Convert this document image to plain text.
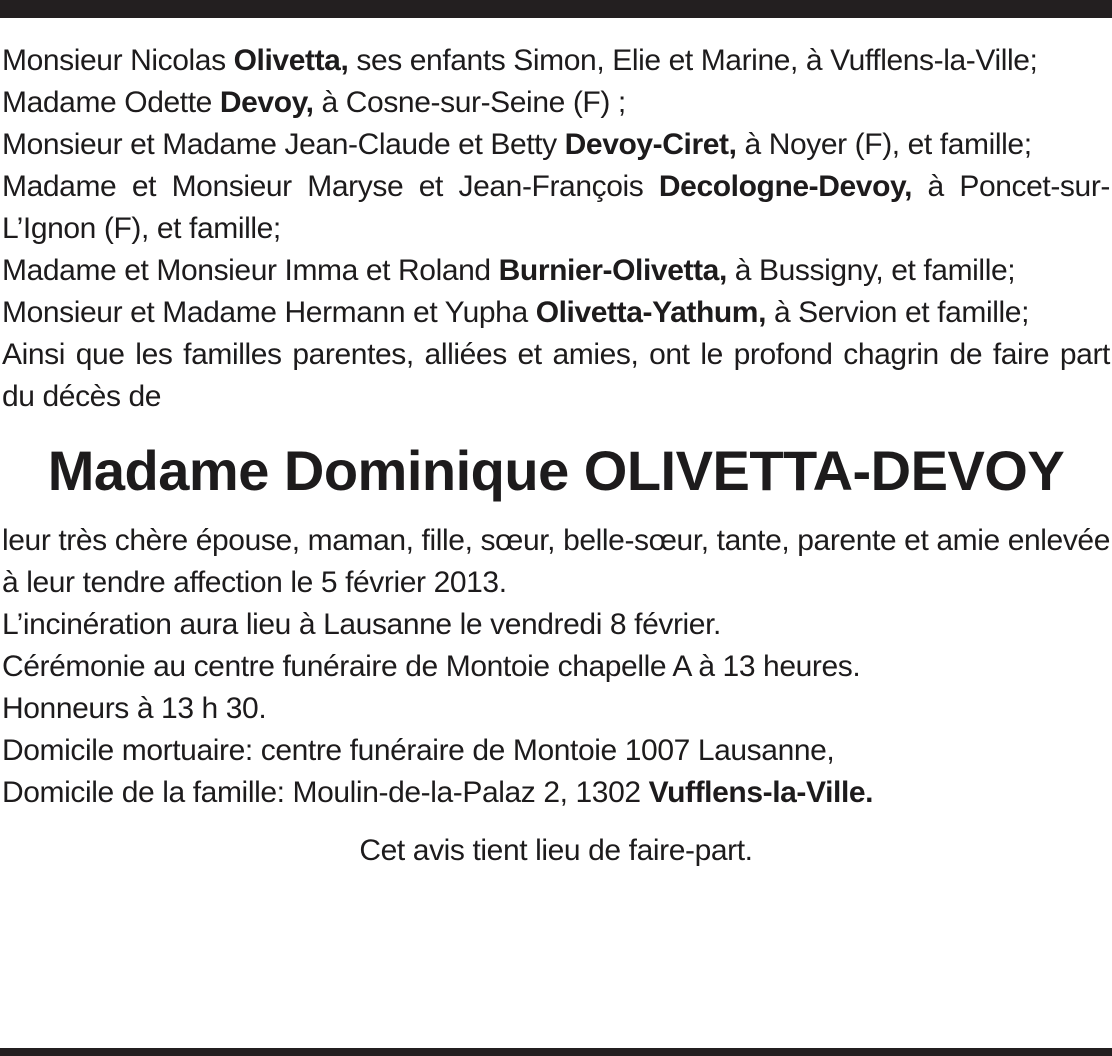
Monsieur Nicolas Olivetta, ses enfants Simon, Elie et Marine, à Vufflens-la-Ville;

Madame Odette Devoy, à Cosne-sur-Seine (F) ;

Monsieur et Madame Jean-Claude et Betty Devoy-Ciret, à Noyer (F), et famille;

Madame et Monsieur Maryse et Jean-François Decologne-Devoy, à Poncet-sur-L’Ignon (F), et famille;

Madame et Monsieur Imma et Roland Burnier-Olivetta, à Bussigny, et famille;

Monsieur et Madame Hermann et Yupha Olivetta-Yathum, à Servion et famille;

Ainsi que les familles parentes, alliées et amies, ont le profond chagrin de faire part du décès de

Madame Dominique OLIVETTA-DEVOY

leur très chère épouse, maman, fille, sœur, belle-sœur, tante, parente et amie enlevée à leur tendre affection le 5 février 2013.

L’incinération aura lieu à Lausanne le vendredi 8 février.

Cérémonie au centre funéraire de Montoie chapelle A à 13 heures.

Honneurs à 13 h 30.

Domicile mortuaire: centre funéraire de Montoie 1007 Lausanne,

Domicile de la famille: Moulin-de-la-Palaz 2, 1302 Vufflens-la-Ville.

Cet avis tient lieu de faire-part.
